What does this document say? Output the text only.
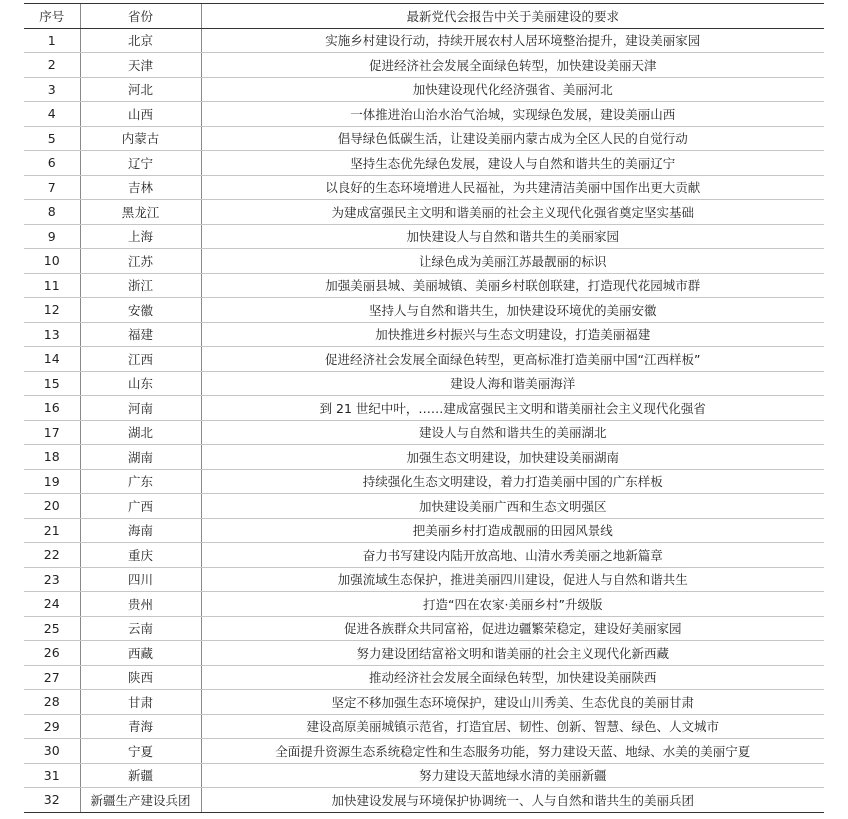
序号	省份	最新党代会报告中关于美丽建设的要求
1	北京	实施乡村建设行动，持续开展农村人居环境整治提升，建设美丽家园
2	天津	促进经济社会发展全面绿色转型，加快建设美丽天津
3	河北	加快建设现代化经济强省、美丽河北
4	山西	一体推进治山治水治气治城，实现绿色发展，建设美丽山西
5	内蒙古	倡导绿色低碳生活，让建设美丽内蒙古成为全区人民的自觉行动
6	辽宁	坚持生态优先绿色发展，建设人与自然和谐共生的美丽辽宁
7	吉林	以良好的生态环境增进人民福祉，为共建清洁美丽中国作出更大贡献
8	黑龙江	为建成富强民主文明和谐美丽的社会主义现代化强省奠定坚实基础
9	上海	加快建设人与自然和谐共生的美丽家园
10	江苏	让绿色成为美丽江苏最靓丽的标识
11	浙江	加强美丽县城、美丽城镇、美丽乡村联创联建，打造现代花园城市群
12	安徽	坚持人与自然和谐共生，加快建设环境优的美丽安徽
13	福建	加快推进乡村振兴与生态文明建设，打造美丽福建
14	江西	促进经济社会发展全面绿色转型，更高标准打造美丽中国“江西样板”
15	山东	建设人海和谐美丽海洋
16	河南	到 21 世纪中叶，……建成富强民主文明和谐美丽社会主义现代化强省
17	湖北	建设人与自然和谐共生的美丽湖北
18	湖南	加强生态文明建设，加快建设美丽湖南
19	广东	持续强化生态文明建设，着力打造美丽中国的广东样板
20	广西	加快建设美丽广西和生态文明强区
21	海南	把美丽乡村打造成靓丽的田园风景线
22	重庆	奋力书写建设内陆开放高地、山清水秀美丽之地新篇章
23	四川	加强流域生态保护，推进美丽四川建设，促进人与自然和谐共生
24	贵州	打造“四在农家·美丽乡村”升级版
25	云南	促进各族群众共同富裕，促进边疆繁荣稳定，建设好美丽家园
26	西藏	努力建设团结富裕文明和谐美丽的社会主义现代化新西藏
27	陕西	推动经济社会发展全面绿色转型，加快建设美丽陕西
28	甘肃	坚定不移加强生态环境保护，建设山川秀美、生态优良的美丽甘肃
29	青海	建设高原美丽城镇示范省，打造宜居、韧性、创新、智慧、绿色、人文城市
30	宁夏	全面提升资源生态系统稳定性和生态服务功能，努力建设天蓝、地绿、水美的美丽宁夏
31	新疆	努力建设天蓝地绿水清的美丽新疆
32	新疆生产建设兵团	加快建设发展与环境保护协调统一、人与自然和谐共生的美丽兵团
